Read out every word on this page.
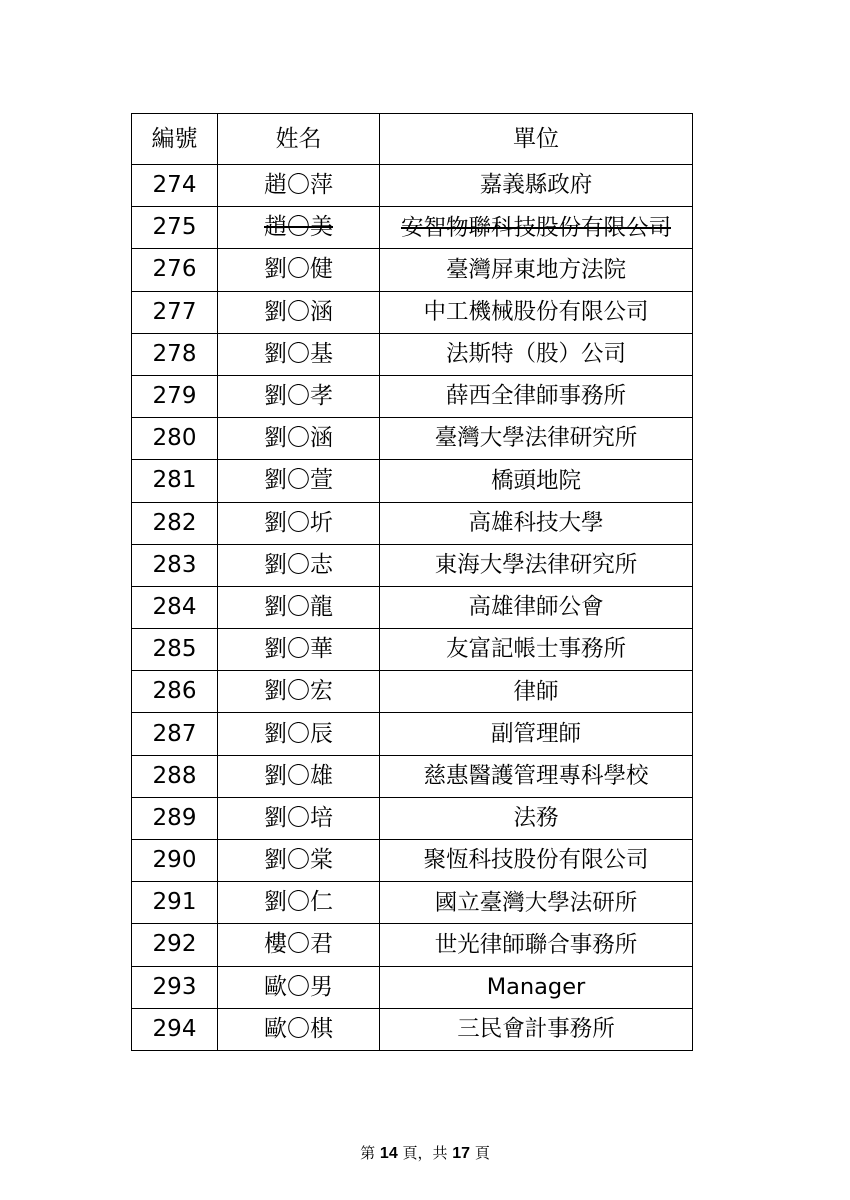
編號	姓名	單位
274	趙〇萍	嘉義縣政府
275	趙〇美	安智物聯科技股份有限公司
276	劉〇健	臺灣屏東地方法院
277	劉〇涵	中工機械股份有限公司
278	劉〇基	法斯特（股）公司
279	劉〇孝	薛西全律師事務所
280	劉〇涵	臺灣大學法律研究所
281	劉〇萱	橋頭地院
282	劉〇圻	高雄科技大學
283	劉〇志	東海大學法律研究所
284	劉〇龍	高雄律師公會
285	劉〇華	友富記帳士事務所
286	劉〇宏	律師
287	劉〇辰	副管理師
288	劉〇雄	慈惠醫護管理專科學校
289	劉〇培	法務
290	劉〇棠	聚恆科技股份有限公司
291	劉〇仁	國立臺灣大學法研所
292	樓〇君	世光律師聯合事務所
293	歐〇男	Manager
294	歐〇棋	三民會計事務所
第 14 頁，共 17 頁
